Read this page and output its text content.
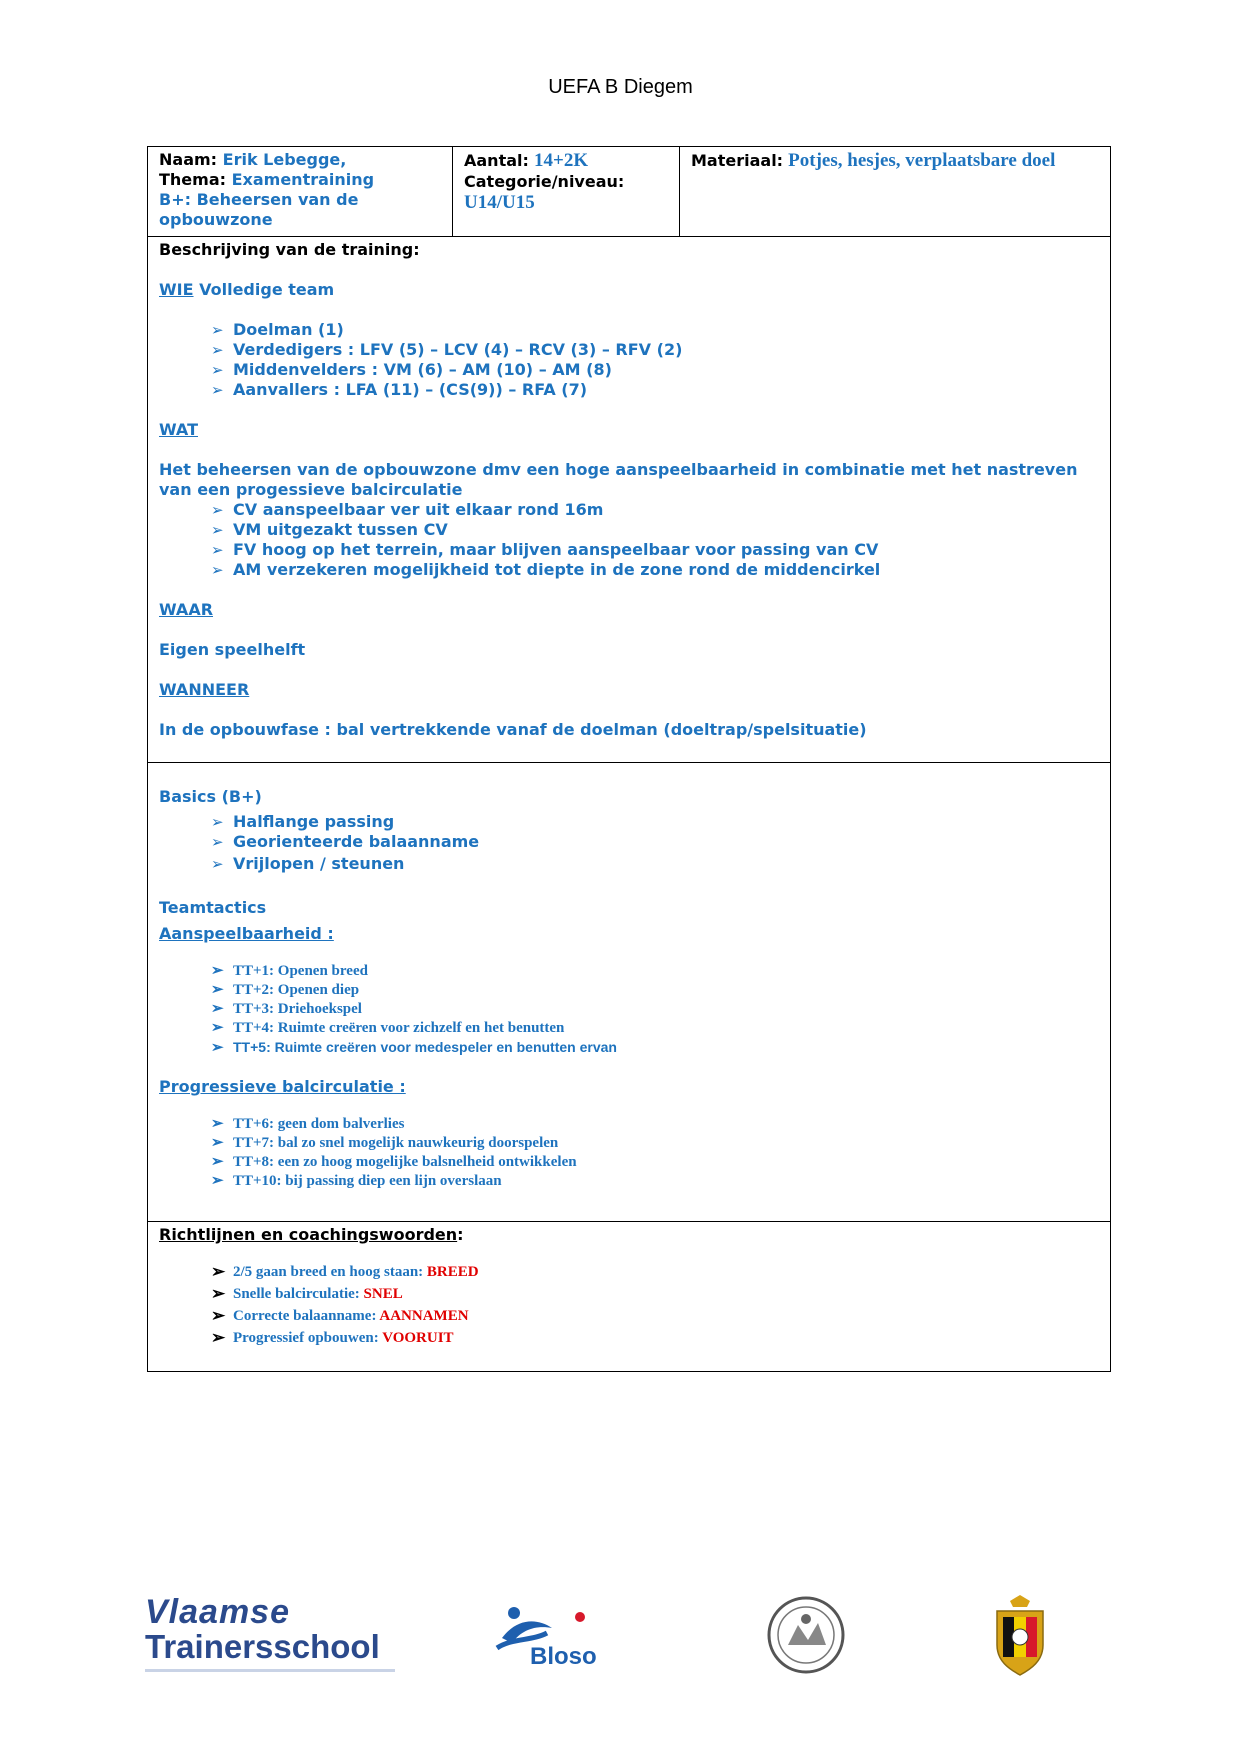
UEFA B Diegem
Naam: Erik Lebegge,
Thema: Examentraining
B+: Beheersen van de
opbouwzone

Aantal: 14+2K
Categorie/niveau:
U14/U15

Materiaal: Potjes, hesjes, verplaatsbare doel

Beschrijving van de training:
WIE Volledige team
➢ Doelman (1)
➢ Verdedigers : LFV (5) – LCV (4) – RCV (3) – RFV (2)
➢ Middenvelders : VM (6) – AM (10) – AM (8)
➢ Aanvallers : LFA (11) – (CS(9)) – RFA (7)
WAT
Het beheersen van de opbouwzone dmv een hoge aanspeelbaarheid in combinatie met het nastreven van een progessieve balcirculatie
➢ CV aanspeelbaar ver uit elkaar rond 16m
➢ VM uitgezakt tussen CV
➢ FV hoog op het terrein, maar blijven aanspeelbaar voor passing van CV
➢ AM verzekeren mogelijkheid tot diepte in de zone rond de middencirkel
WAAR
Eigen speelhelft
WANNEER
In de opbouwfase : bal vertrekkende vanaf de doelman (doeltrap/spelsituatie)

Basics (B+)
➢ Halflange passing
➢ Georienteerde balaanname
➢ Vrijlopen / steunen
Teamtactics
Aanspeelbaarheid :
➢ TT+1: Openen breed
➢ TT+2: Openen diep
➢ TT+3: Driehoekspel
➢ TT+4: Ruimte creëren voor zichzelf en het benutten
➢ TT+5: Ruimte creëren voor medespeler en benutten ervan
Progressieve balcirculatie :
➢ TT+6: geen dom balverlies
➢ TT+7: bal zo snel mogelijk nauwkeurig doorspelen
➢ TT+8: een zo hoog mogelijke balsnelheid ontwikkelen
➢ TT+10: bij passing diep een lijn overslaan

Richtlijnen en coachingswoorden:
➢ 2/5 gaan breed en hoog staan: BREED
➢ Snelle balcirculatie: SNEL
➢ Correcte balaanname: AANNAMEN
➢ Progressief opbouwen: VOORUIT
Vlaamse
Trainersschool	Bloso
